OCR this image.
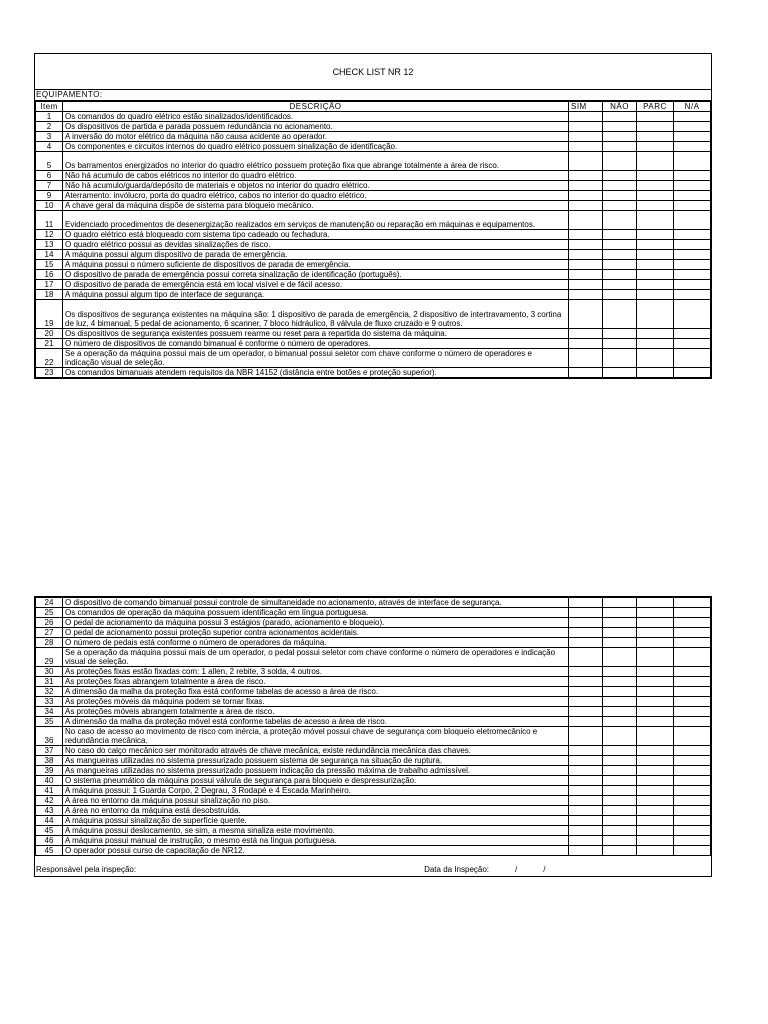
CHECK LIST NR 12
EQUIPAMENTO:
Item	DESCRIÇÃO	SIM	NÃO	PARC	N/A
1	Os comandos do quadro elétrico estão sinalizados/identificados.				
2	Os dispositivos de partida e parada possuem redundância no acionamento.				
3	A inversão do motor elétrico da máquina não causa acidente ao operador.				
4	Os componentes e circuitos internos do quadro elétrico possuem sinalização de identificação.				
5	Os barramentos energizados no interior do quadro elétrico possuem proteção fixa que abrange totalmente a área de risco.				
6	Não há acumulo de cabos elétricos no interior do quadro elétrico.				
7	Não há acumulo/guarda/depósito de materiais e objetos no interior do quadro elétrico.				
9	Aterramento: invólucro, porta do quadro elétrico, cabos no interior do quadro elétrico.				
10	A chave geral da máquina dispõe de sistema para bloqueio mecânico.				
11	Evidenciado procedimentos de desenergização realizados em serviços de manutenção ou reparação em máquinas e equipamentos.				
12	O quadro elétrico está bloqueado com sistema tipo cadeado ou fechadura.				
13	O quadro elétrico possui as devidas sinalizações de risco.				
14	A máquina possui algum dispositivo de parada de emergência.				
15	A máquina possui o número suficiente de dispositivos de parada de emergência.				
16	O dispositivo de parada de emergência possui correta sinalização de identificação (português).				
17	O dispositivo de parada de emergência está em local visível e de fácil acesso.				
18	A máquina possui algum tipo de interface de segurança.				
19	Os dispositivos de segurança existentes na máquina são: 1 dispositivo de parada de emergência, 2 dispositivo de intertravamento, 3 cortina de luz, 4 bimanual, 5 pedal de acionamento, 6 scanner, 7 bloco hidráulico, 8 válvula de fluxo cruzado e 9 outros.				
20	Os dispositivos de segurança existentes possuem rearme ou reset para a repartida do sistema da máquina.				
21	O número de dispositivos de comando bimanual é conforme o número de operadores.				
22	Se a operação da máquina possui mais de um operador, o bimanual possui seletor com chave conforme o número de operadores e indicação visual de seleção.				
23	Os comandos bimanuais atendem requisitos da NBR 14152 (distância entre botões e proteção superior).				
24	O dispositivo de comando bimanual possui controle de simultaneidade no acionamento, através de interface de segurança.				
25	Os comandos de operação da máquina possuem identificação em língua portuguesa.				
26	O pedal de acionamento da máquina possui 3 estágios (parado, acionamento e bloqueio).				
27	O pedal de acionamento possui proteção superior contra acionamentos acidentais.				
28	O número de pedais está conforme o número de operadores da máquina.				
29	Se a operação da máquina possui mais de um operador, o pedal possui seletor com chave conforme o número de operadores e indicação visual de seleção.				
30	As proteções fixas estão fixadas com: 1 allen, 2 rebite, 3 solda, 4 outros.				
31	As proteções fixas abrangem totalmente a área de risco.				
32	A dimensão da malha da proteção fixa está conforme tabelas de acesso a área de risco.				
33	As proteções móveis da máquina podem se tornar fixas.				
34	As proteções móveis abrangem totalmente a área de risco.				
35	A dimensão da malha da proteção móvel está conforme tabelas de acesso a área de risco.				
36	No caso de acesso ao movimento de risco com inércia, a proteção móvel possui chave de segurança com bloqueio eletromecânico e redundância mecânica.				
37	No caso do calço mecânico ser monitorado através de chave mecânica, existe redundância mecânica das chaves.				
38	As mangueiras utilizadas no sistema pressurizado possuem sistema de segurança na situação de ruptura.				
39	As mangueiras utilizadas no sistema pressurizado possuem indicação da pressão máxima de trabalho admissível.				
40	O sistema pneumático da máquina possui válvula de segurança para bloqueio e despressurização.				
41	A máquina possui: 1 Guarda Corpo, 2 Degrau, 3 Rodapé e 4 Escada Marinheiro.				
42	A área no entorno da máquina possui sinalização no piso.				
43	A área no entorno da máquina está desobstruída.				
44	A máquina possui sinalização de superfície quente.				
45	A máquina possui deslocamento, se sim, a mesma sinaliza este movimento.				
46	A máquina possui manual de instrução, o mesmo está na língua portuguesa.				
45	O operador possui curso de capacitação de NR12.				
Responsável pela inspeção:	Data da Inspeção:	/	/
